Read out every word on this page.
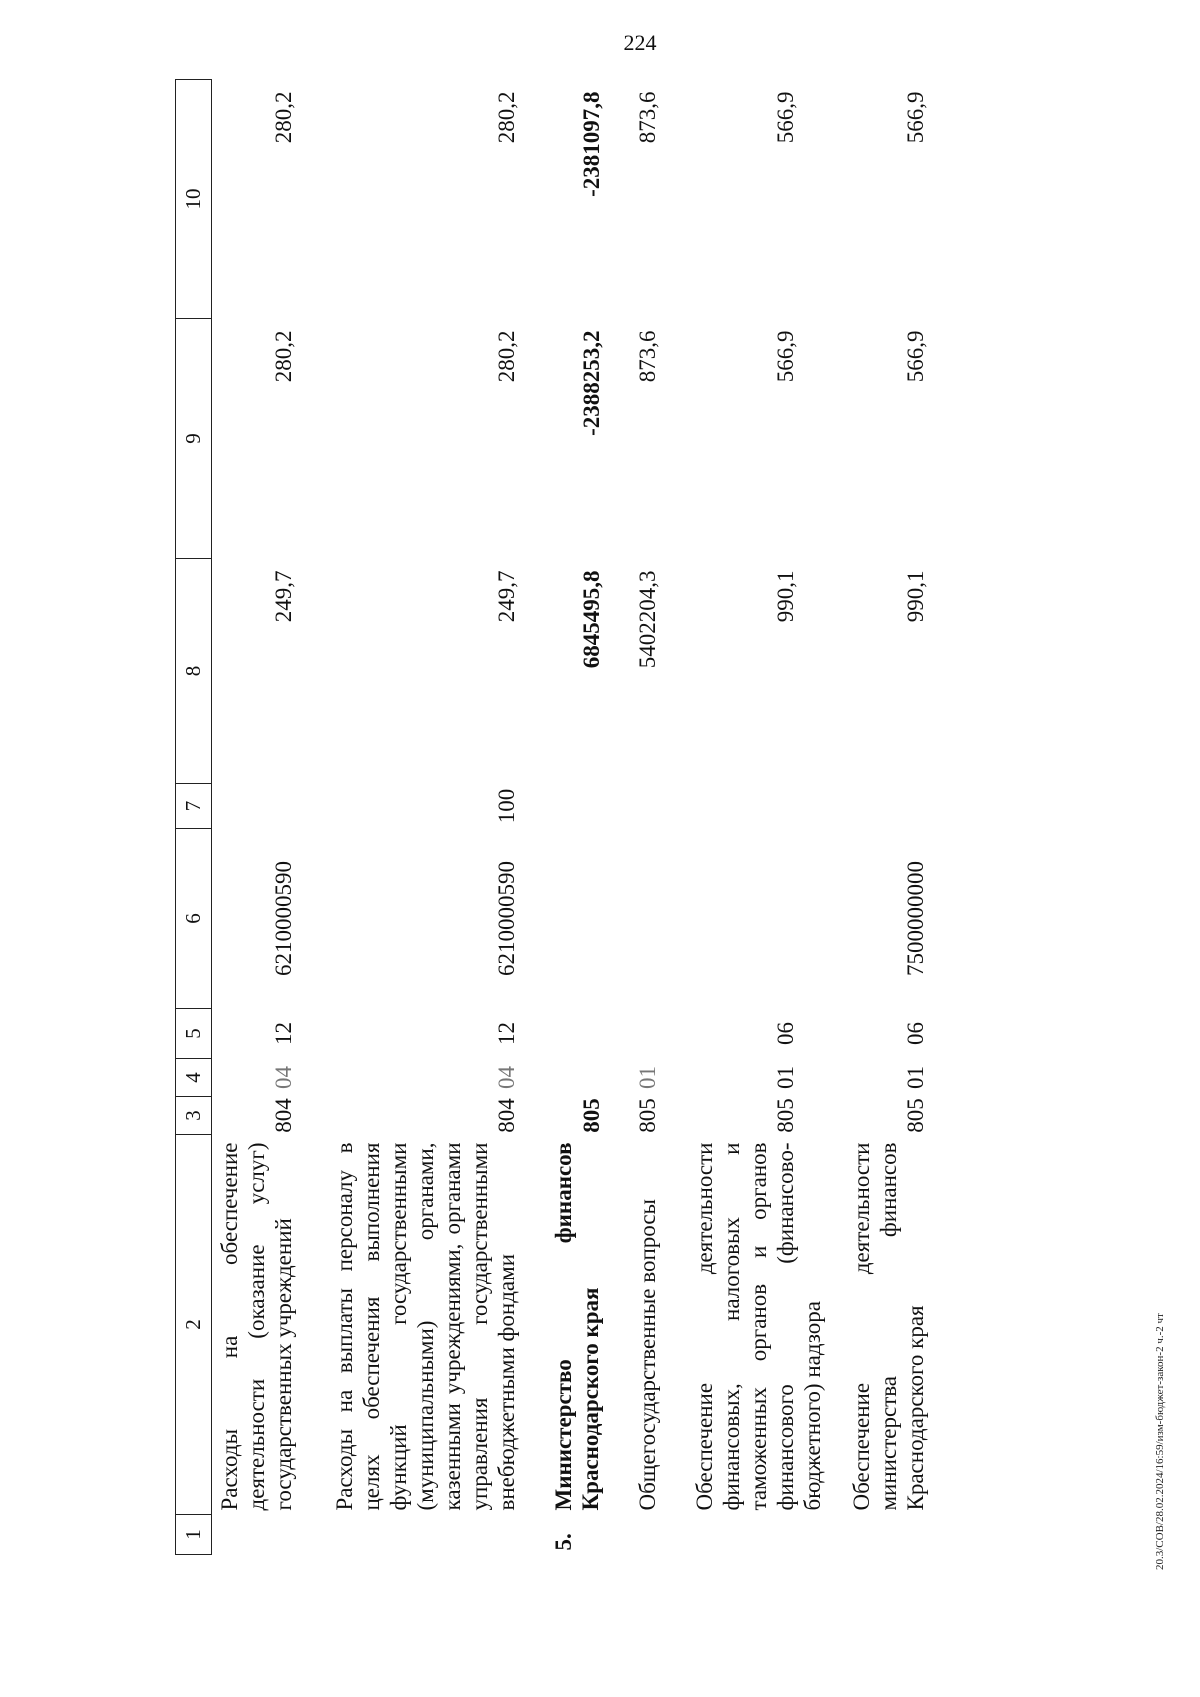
224
1	2	3	4	5	6	7	8	9	10
	Расходы на обеспечение деятельности (оказание услуг) государственных учреждений	804	04	12	6210000590		249,7	280,2	280,2
	Расходы на выплаты персоналу в целях обеспечения выполнения функций государственными (муниципальными) органами, казенными учреждениями, органами управления государственными внебюджетными фондами	804	04	12	6210000590	100	249,7	280,2	280,2
5.	Министерство финансов Краснодарского края	805					6845495,8	-2388253,2	-2381097,8
	Общегосударственные вопросы	805	01				5402204,3	873,6	873,6
	Обеспечение деятельности финансовых, налоговых и таможенных органов и органов финансового (финансово-бюджетного) надзора	805	01	06			990,1	566,9	566,9
	Обеспечение деятельности министерства финансов Краснодарского края	805	01	06	7500000000		990,1	566,9	566,9
20.3/СОВ/28.02.2024/16:59/изм-бюджет-закон-2 ч.-2 чт
